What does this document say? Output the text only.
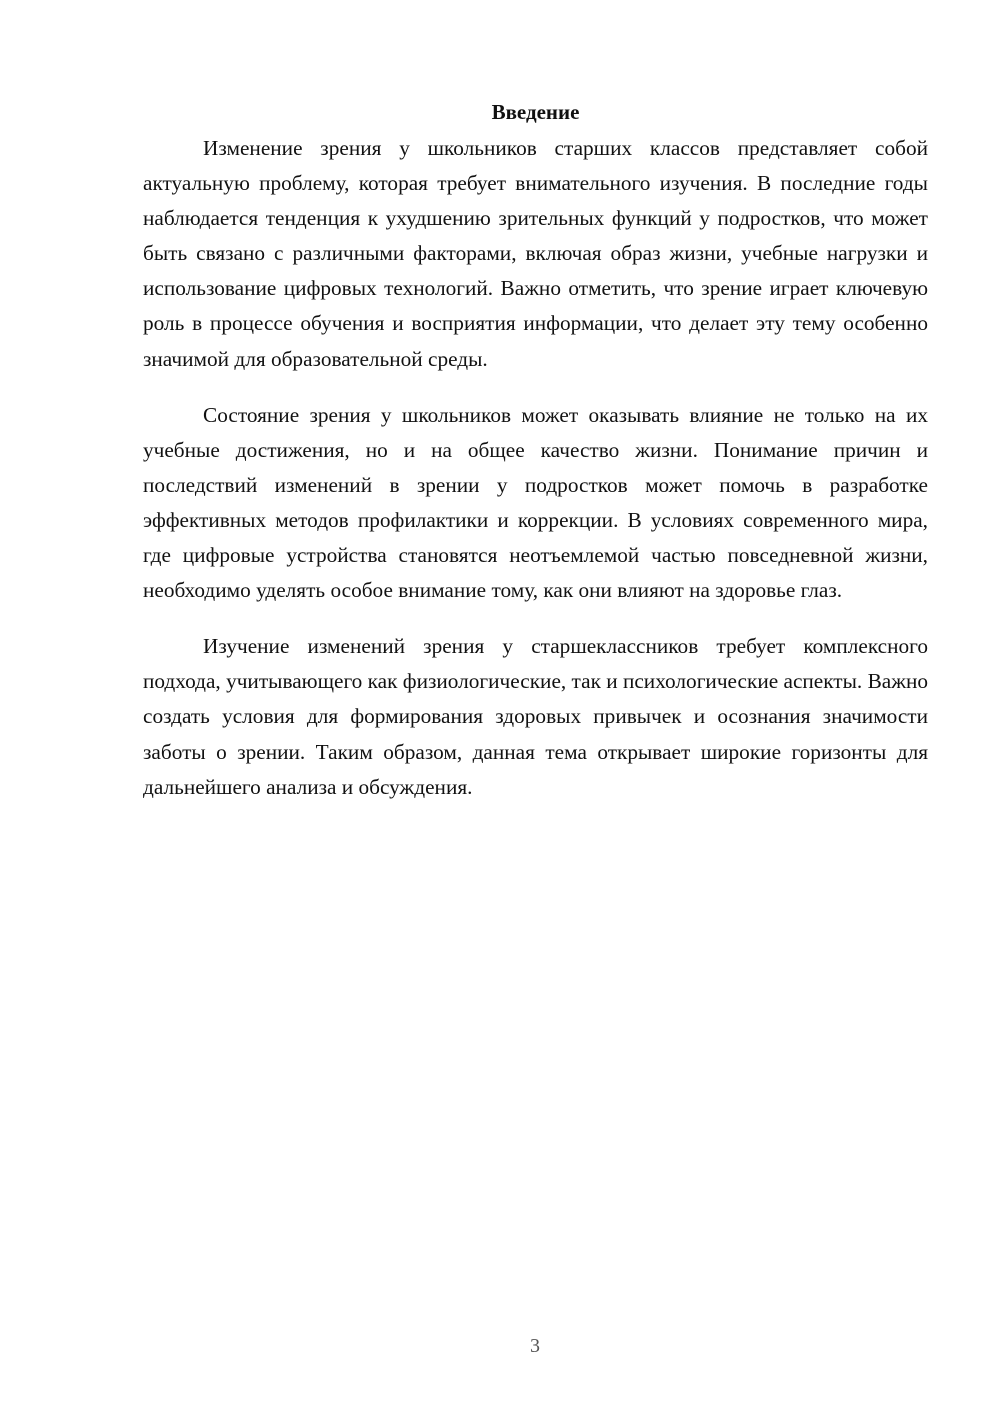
Введение

Изменение зрения у школьников старших классов представляет собой актуальную проблему, которая требует внимательного изучения. В последние годы наблюдается тенденция к ухудшению зрительных функций у подростков, что может быть связано с различными факторами, включая образ жизни, учебные нагрузки и использование цифровых технологий. Важно отметить, что зрение играет ключевую роль в процессе обучения и восприятия информации, что делает эту тему особенно значимой для образовательной среды.

Состояние зрения у школьников может оказывать влияние не только на их учебные достижения, но и на общее качество жизни. Понимание причин и последствий изменений в зрении у подростков может помочь в разработке эффективных методов профилактики и коррекции. В условиях современного мира, где цифровые устройства становятся неотъемлемой частью повседневной жизни, необходимо уделять особое внимание тому, как они влияют на здоровье глаз.

Изучение изменений зрения у старшеклассников требует комплексного подхода, учитывающего как физиологические, так и психологические аспекты. Важно создать условия для формирования здоровых привычек и осознания значимости заботы о зрении. Таким образом, данная тема открывает широкие горизонты для дальнейшего анализа и обсуждения.

3
